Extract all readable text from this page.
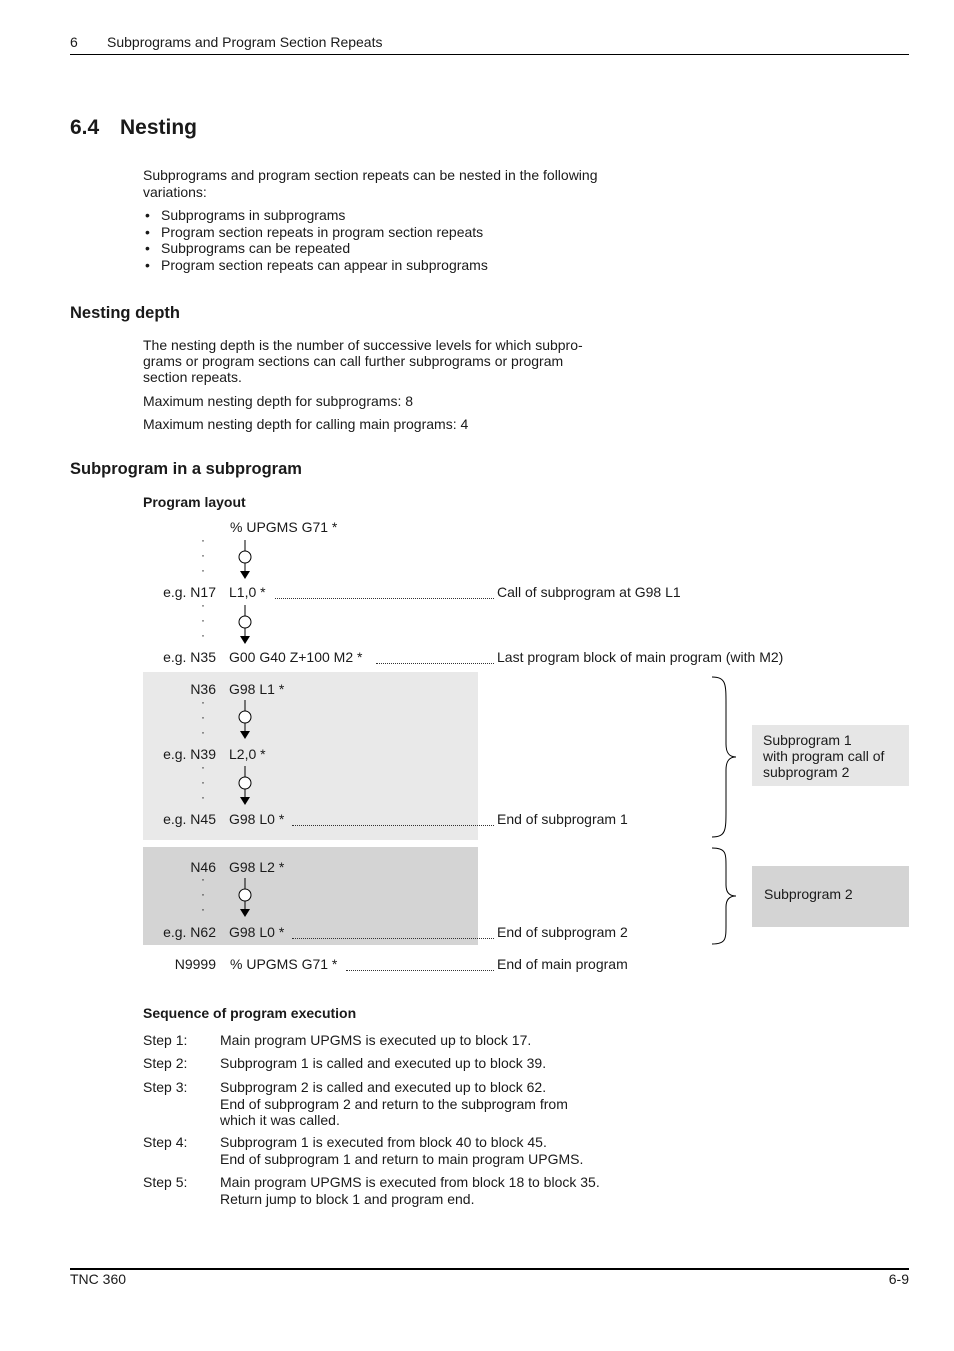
6 Subprograms and Program Section Repeats
6.4 Nesting
Subprograms and program section repeats can be nested in the following
variations:
• Subprograms in subprograms
• Program section repeats in program section repeats
• Subprograms can be repeated
• Program section repeats can appear in subprograms
Nesting depth
The nesting depth is the number of successive levels for which subpro-
grams or program sections can call further subprograms or program
section repeats.
Maximum nesting depth for subprograms: 8
Maximum nesting depth for calling main programs: 4
Subprogram in a subprogram
Program layout
% UPGMS G71 *
·
·
·
·
·
·
·
·
·
·
·
·
·
·
·
e.g. N17 L1,0 *	Call of subprogram at G98 L1
e.g. N35 G00 G40 Z+100 M2 *	Last program block of main program (with M2)
N36 G98 L1 *
e.g. N39 L2,0 *
e.g. N45 G98 L0 *	End of subprogram 1
N46 G98 L2 *
e.g. N62 G98 L0 *	End of subprogram 2
N9999 % UPGMS G71 *	End of main program
Subprogram 1
with program call of
subprogram 2
Subprogram 2
Sequence of program execution
Step 1: Main program UPGMS is executed up to block 17.
Step 2: Subprogram 1 is called and executed up to block 39.
Step 3: Subprogram 2 is called and executed up to block 62.
End of subprogram 2 and return to the subprogram from
which it was called.
Step 4: Subprogram 1 is executed from block 40 to block 45.
End of subprogram 1 and return to main program UPGMS.
Step 5: Main program UPGMS is executed from block 18 to block 35.
Return jump to block 1 and program end.
TNC 360	6-9
